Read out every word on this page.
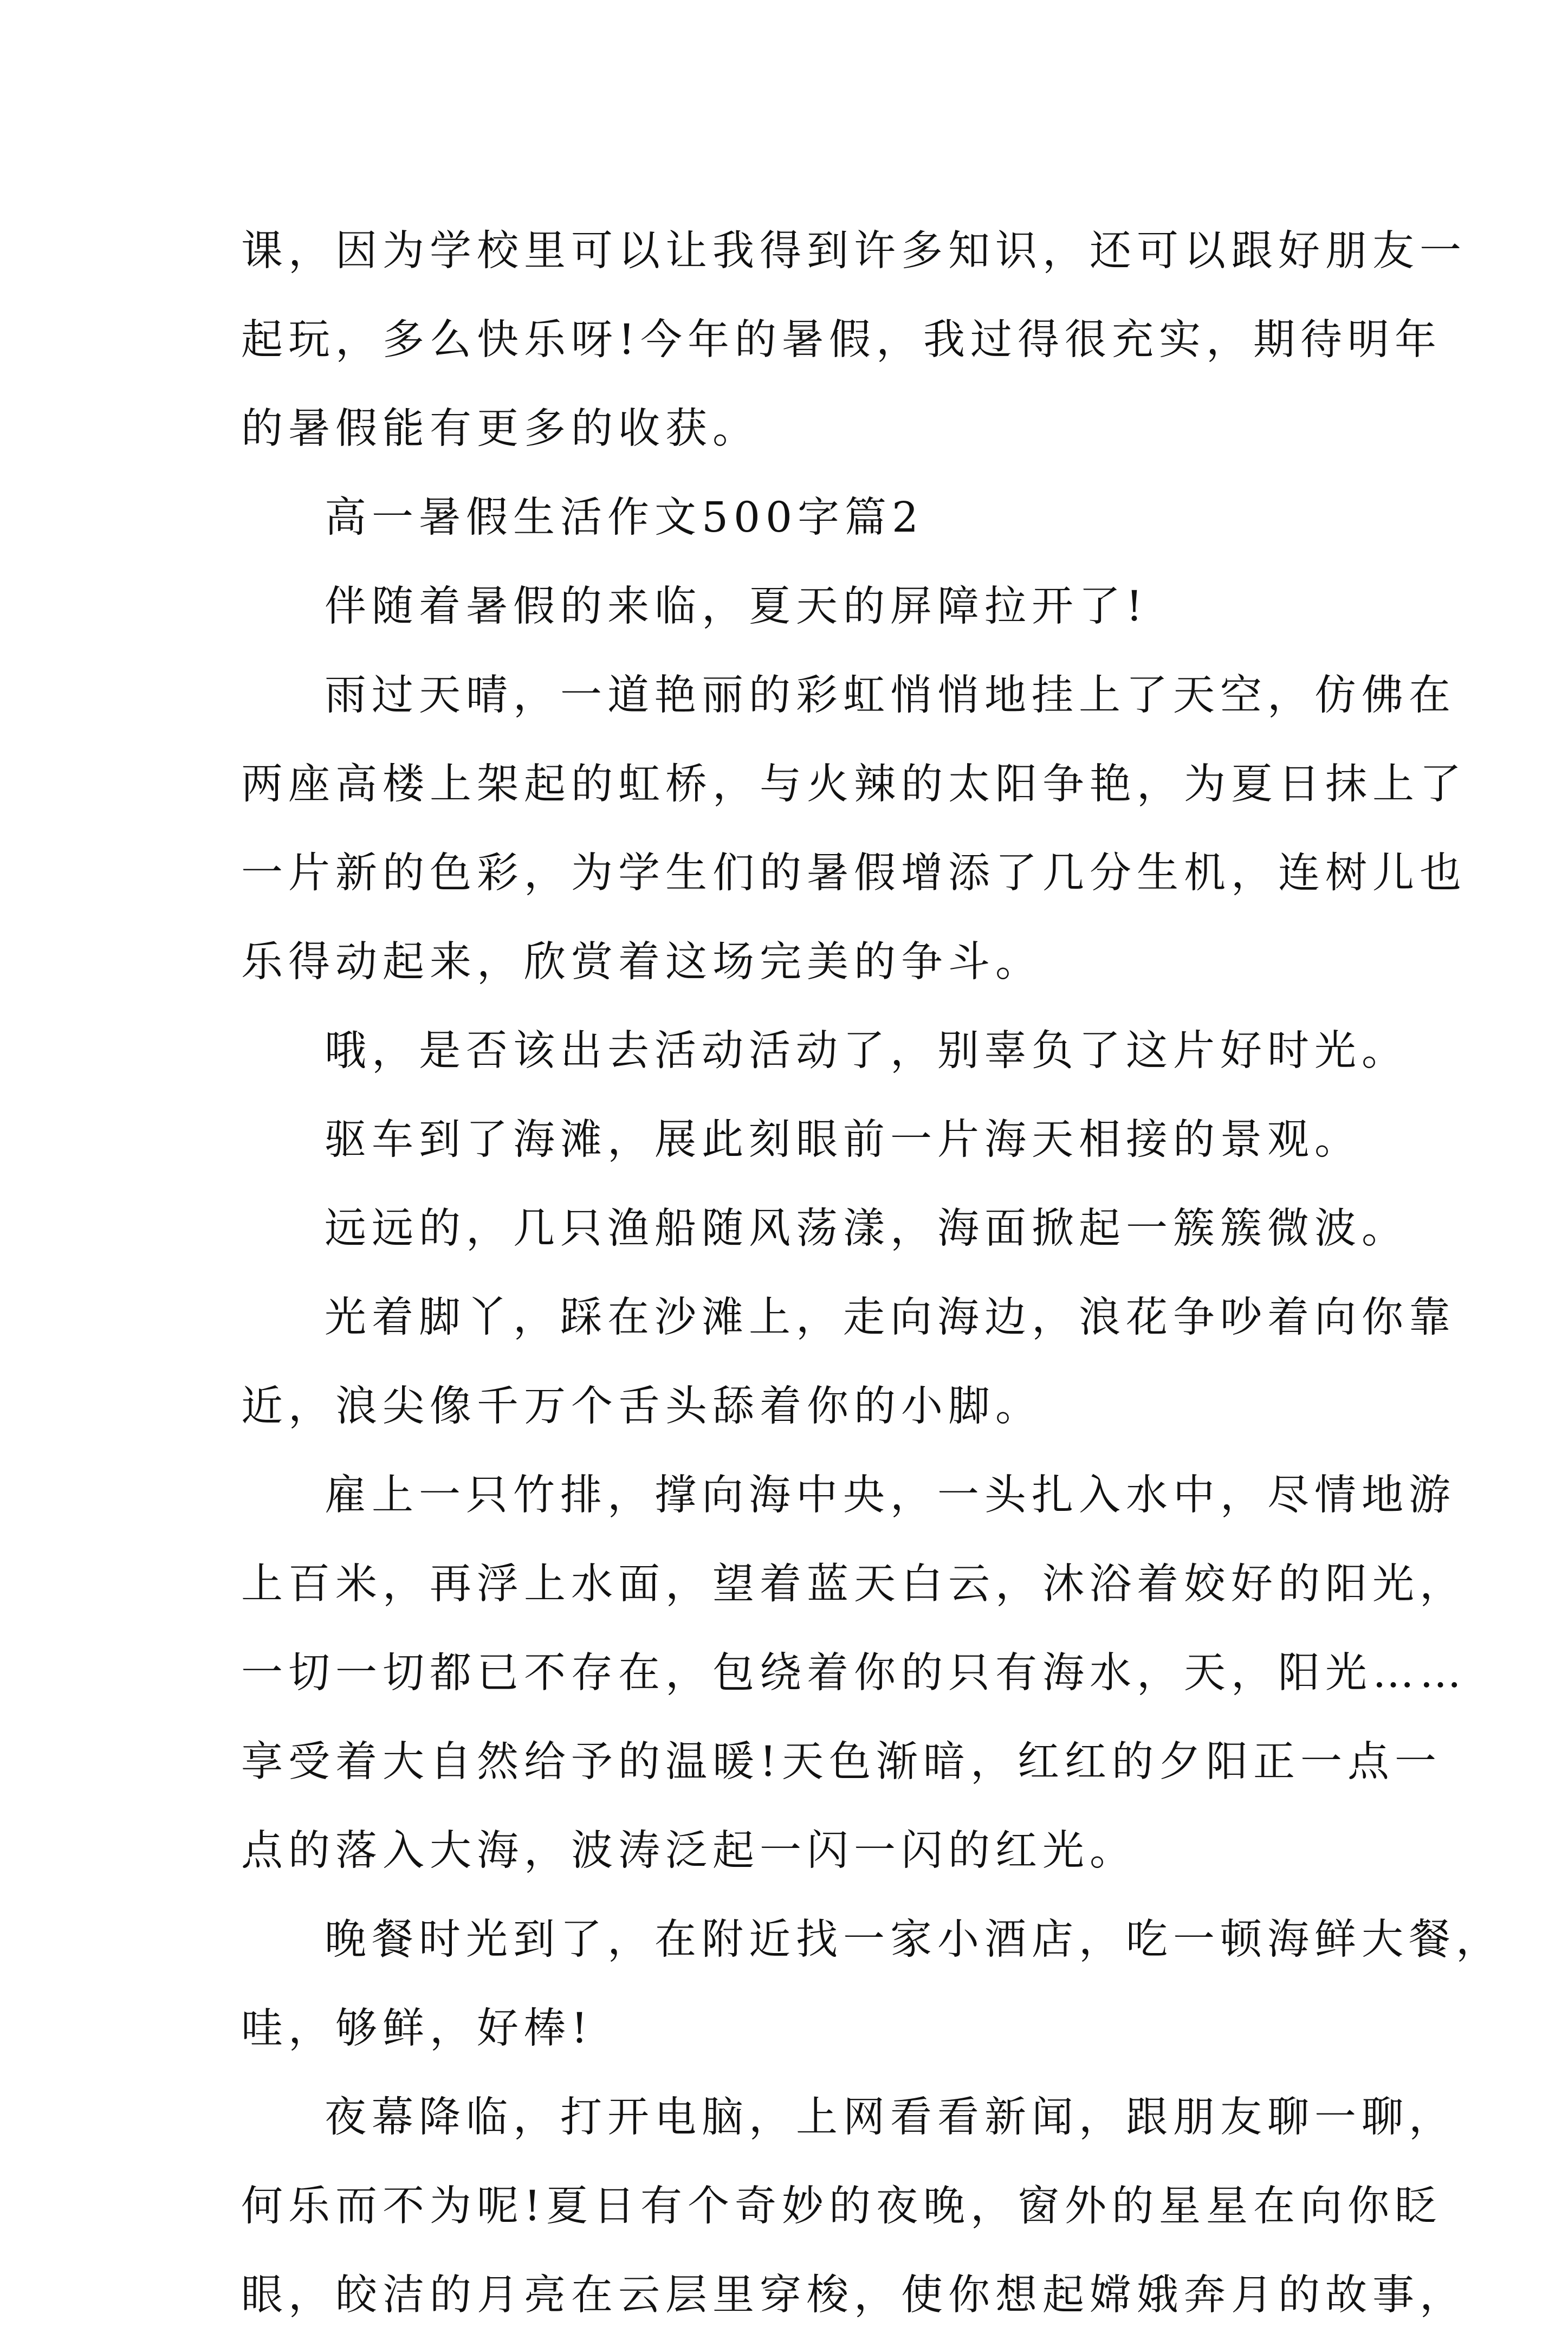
课，因为学校里可以让我得到许多知识，还可以跟好朋友一
起玩，多么快乐呀!今年的暑假，我过得很充实，期待明年
的暑假能有更多的收获。

高一暑假生活作文500字篇2

伴随着暑假的来临，夏天的屏障拉开了!

雨过天晴，一道艳丽的彩虹悄悄地挂上了天空，仿佛在
两座高楼上架起的虹桥，与火辣的太阳争艳，为夏日抹上了
一片新的色彩，为学生们的暑假增添了几分生机，连树儿也
乐得动起来，欣赏着这场完美的争斗。

哦，是否该出去活动活动了，别辜负了这片好时光。

驱车到了海滩，展此刻眼前一片海天相接的景观。

远远的，几只渔船随风荡漾，海面掀起一簇簇微波。

光着脚丫，踩在沙滩上，走向海边，浪花争吵着向你靠
近，浪尖像千万个舌头舔着你的小脚。

雇上一只竹排，撑向海中央，一头扎入水中，尽情地游
上百米，再浮上水面，望着蓝天白云，沐浴着姣好的阳光，
一切一切都已不存在，包绕着你的只有海水，天，阳光……
享受着大自然给予的温暖!天色渐暗，红红的夕阳正一点一
点的落入大海，波涛泛起一闪一闪的红光。

晚餐时光到了，在附近找一家小酒店，吃一顿海鲜大餐，
哇，够鲜，好棒!

夜幕降临，打开电脑，上网看看新闻，跟朋友聊一聊，
何乐而不为呢!夏日有个奇妙的夜晚，窗外的星星在向你眨
眼，皎洁的月亮在云层里穿梭，使你想起嫦娥奔月的故事，
